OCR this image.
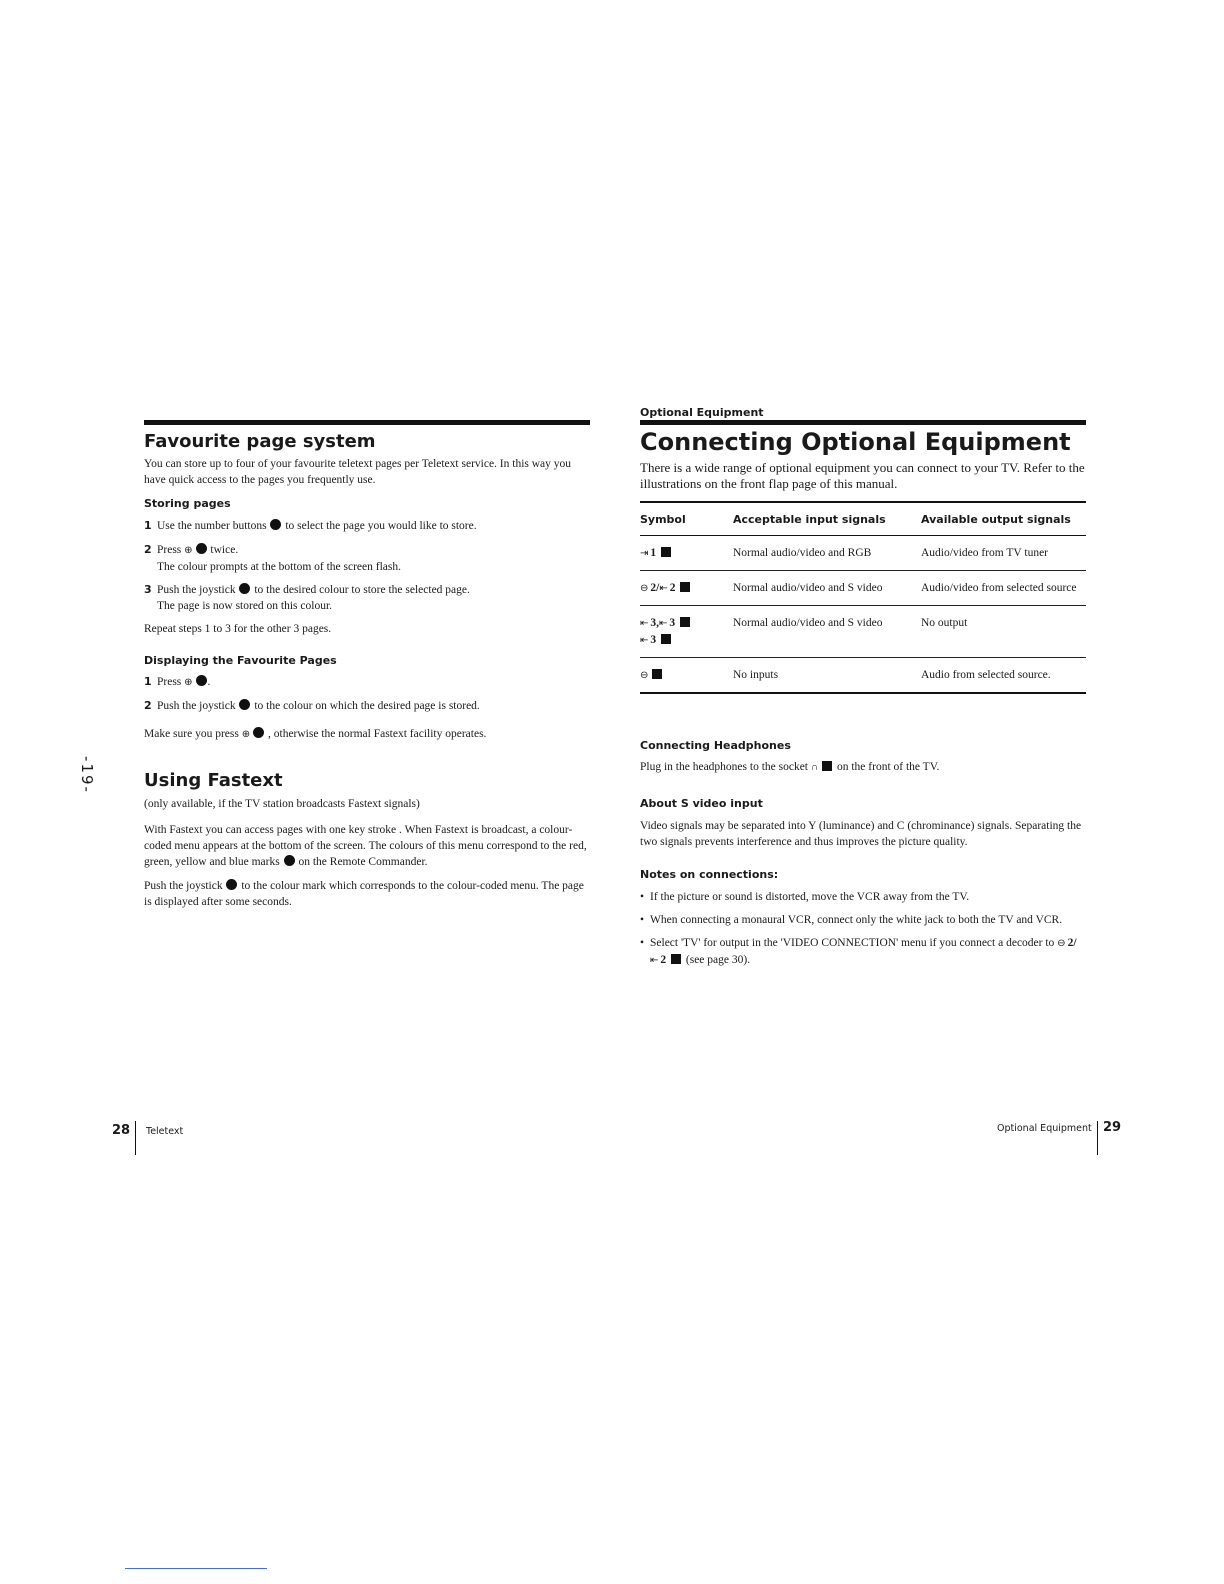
Favourite page system

You can store up to four of your favourite teletext pages per Teletext service. In this way you have quick access to the pages you frequently use.

Storing pages

1 Use the number buttons to select the page you would like to store.

2 Press ⊕ twice.
The colour prompts at the bottom of the screen flash.

3 Push the joystick to the desired colour to store the selected page.
The page is now stored on this colour.

Repeat steps 1 to 3 for the other 3 pages.

Displaying the Favourite Pages

1 Press ⊕ .

2 Push the joystick to the colour on which the desired page is stored.

Make sure you press ⊕ , otherwise the normal Fastext facility operates.

-19-	Using Fastext

(only available, if the TV station broadcasts Fastext signals)

With Fastext you can access pages with one key stroke . When Fastext is broadcast, a colour-coded menu appears at the bottom of the screen. The colours of this menu correspond to the red, green, yellow and blue marks on the Remote Commander.

Push the joystick to the colour mark which corresponds to the colour-coded menu. The page is displayed after some seconds.

Optional Equipment
Connecting Optional Equipment

There is a wide range of optional equipment you can connect to your TV. Refer to the illustrations on the front flap page of this manual.

Symbol	Acceptable input signals	Available output signals
⇥ 1	Normal audio/video and RGB	Audio/video from TV tuner
⊖ 2/⇤ 2	Normal audio/video and S video	Audio/video from selected source
⇤ 3,⇤ 3
⇤ 3	Normal audio/video and S video	No output
⊖	No inputs	Audio from selected source.

Connecting Headphones

Plug in the headphones to the socket ∩ on the front of the TV.

About S video input

Video signals may be separated into Y (luminance) and C (chrominance) signals. Separating the two signals prevents interference and thus improves the picture quality.

Notes on connections:

• If the picture or sound is distorted, move the VCR away from the TV.
• When connecting a monaural VCR, connect only the white jack to both the TV and VCR.
• Select 'TV' for output in the 'VIDEO CONNECTION' menu if you connect a decoder to ⊖ 2/⇤ 2 (see page 30).
28 Teletext	Optional Equipment 29
